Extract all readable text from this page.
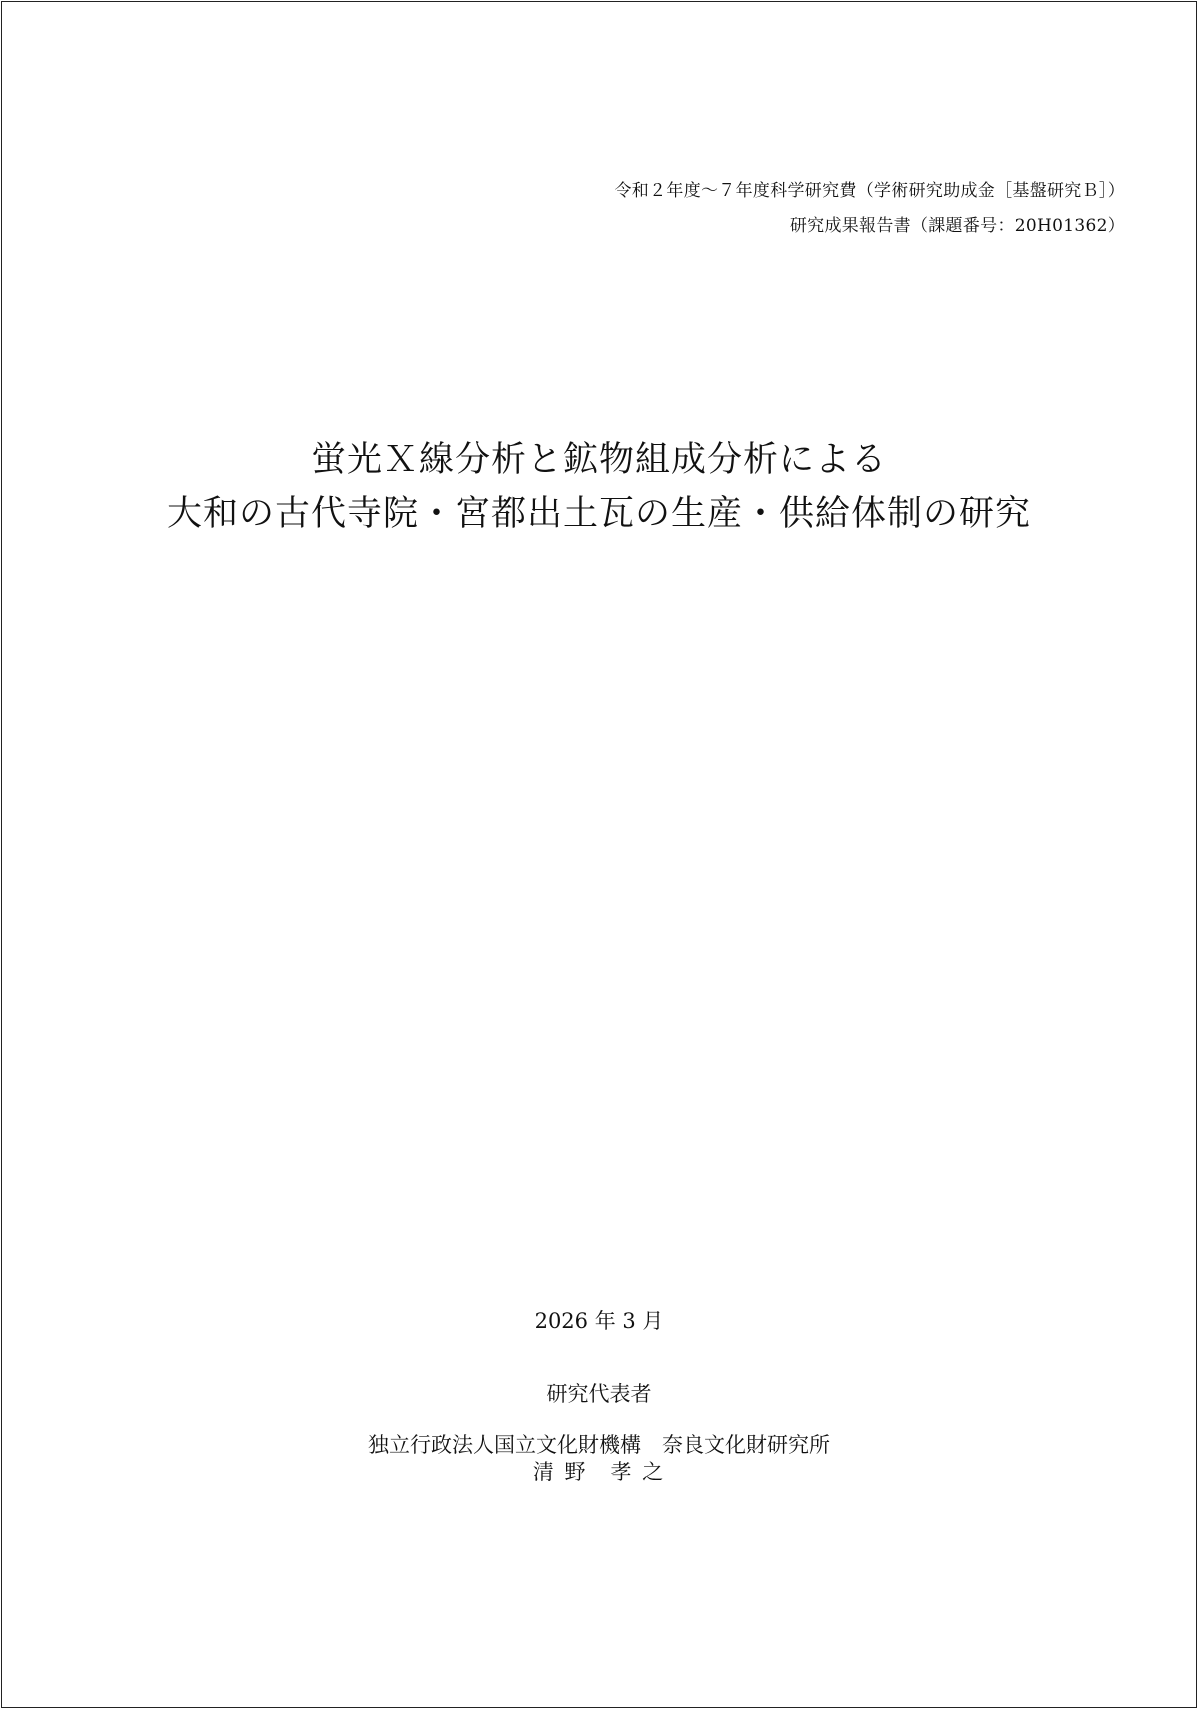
令和２年度～７年度科学研究費（学術研究助成金［基盤研究Ｂ］）
研究成果報告書（課題番号：20H01362）
蛍光Ｘ線分析と鉱物組成分析による
大和の古代寺院・宮都出土瓦の生産・供給体制の研究
2026 年 3 月
研究代表者
独立行政法人国立文化財機構　奈良文化財研究所
清 野　孝 之
